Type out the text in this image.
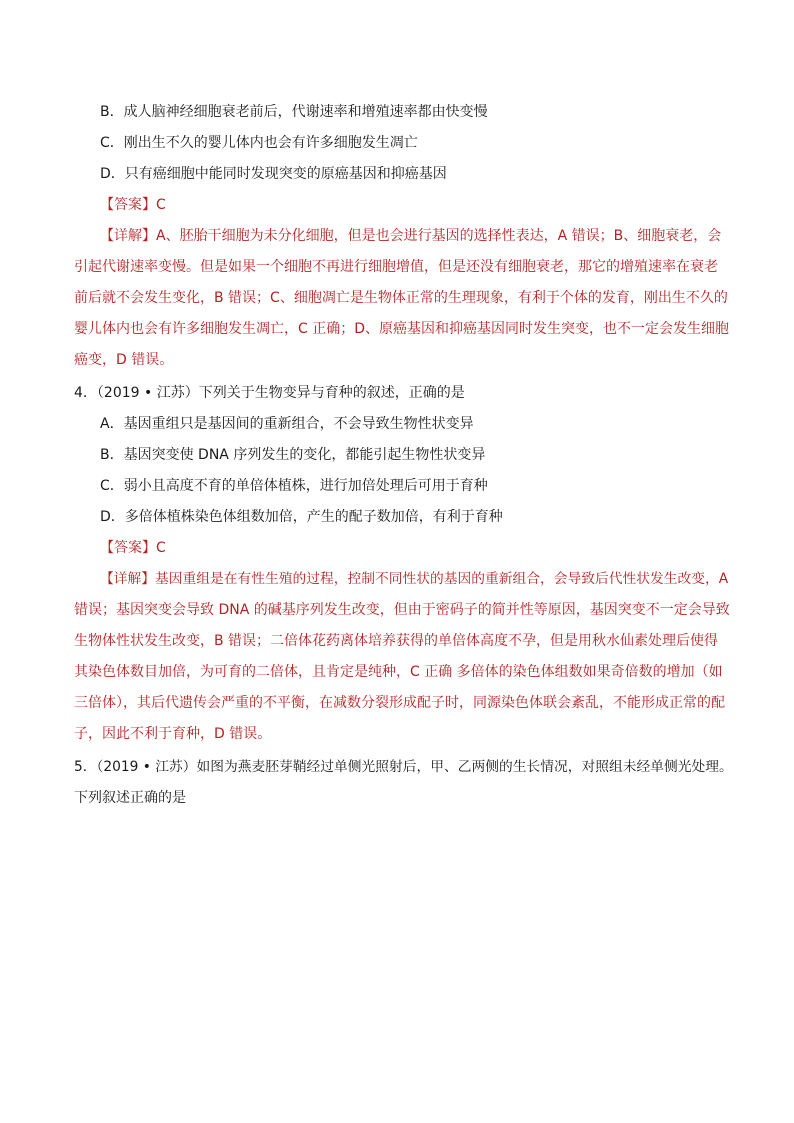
B．成人脑神经细胞衰老前后，代谢速率和增殖速率都由快变慢

C．刚出生不久的婴儿体内也会有许多细胞发生凋亡

D．只有癌细胞中能同时发现突变的原癌基因和抑癌基因

【答案】C

【详解】A、胚胎干细胞为未分化细胞，但是也会进行基因的选择性表达，A 错误；B、细胞衰老，会

引起代谢速率变慢。但是如果一个细胞不再进行细胞增值，但是还没有细胞衰老，那它的增殖速率在衰老

前后就不会发生变化，B 错误；C、细胞凋亡是生物体正常的生理现象，有利于个体的发育，刚出生不久的

婴儿体内也会有许多细胞发生凋亡，C 正确；D、原癌基因和抑癌基因同时发生突变，也不一定会发生细胞

癌变，D 错误。

4．（2019 • 江苏）下列关于生物变异与育种的叙述，正确的是

A．基因重组只是基因间的重新组合，不会导致生物性状变异

B．基因突变使 DNA 序列发生的变化，都能引起生物性状变异

C．弱小且高度不育的单倍体植株，进行加倍处理后可用于育种

D．多倍体植株染色体组数加倍，产生的配子数加倍，有利于育种

【答案】C

【详解】基因重组是在有性生殖的过程，控制不同性状的基因的重新组合，会导致后代性状发生改变，A

错误；基因突变会导致 DNA 的碱基序列发生改变，但由于密码子的简并性等原因，基因突变不一定会导致

生物体性状发生改变，B 错误；二倍体花药离体培养获得的单倍体高度不孕，但是用秋水仙素处理后使得

其染色体数目加倍，为可育的二倍体，且肯定是纯种，C 正确 多倍体的染色体组数如果奇倍数的增加（如

三倍体），其后代遗传会严重的不平衡，在减数分裂形成配子时，同源染色体联会紊乱，不能形成正常的配

子，因此不利于育种，D 错误。

5．（2019 • 江苏）如图为燕麦胚芽鞘经过单侧光照射后，甲、乙两侧的生长情况，对照组未经单侧光处理。

下列叙述正确的是
